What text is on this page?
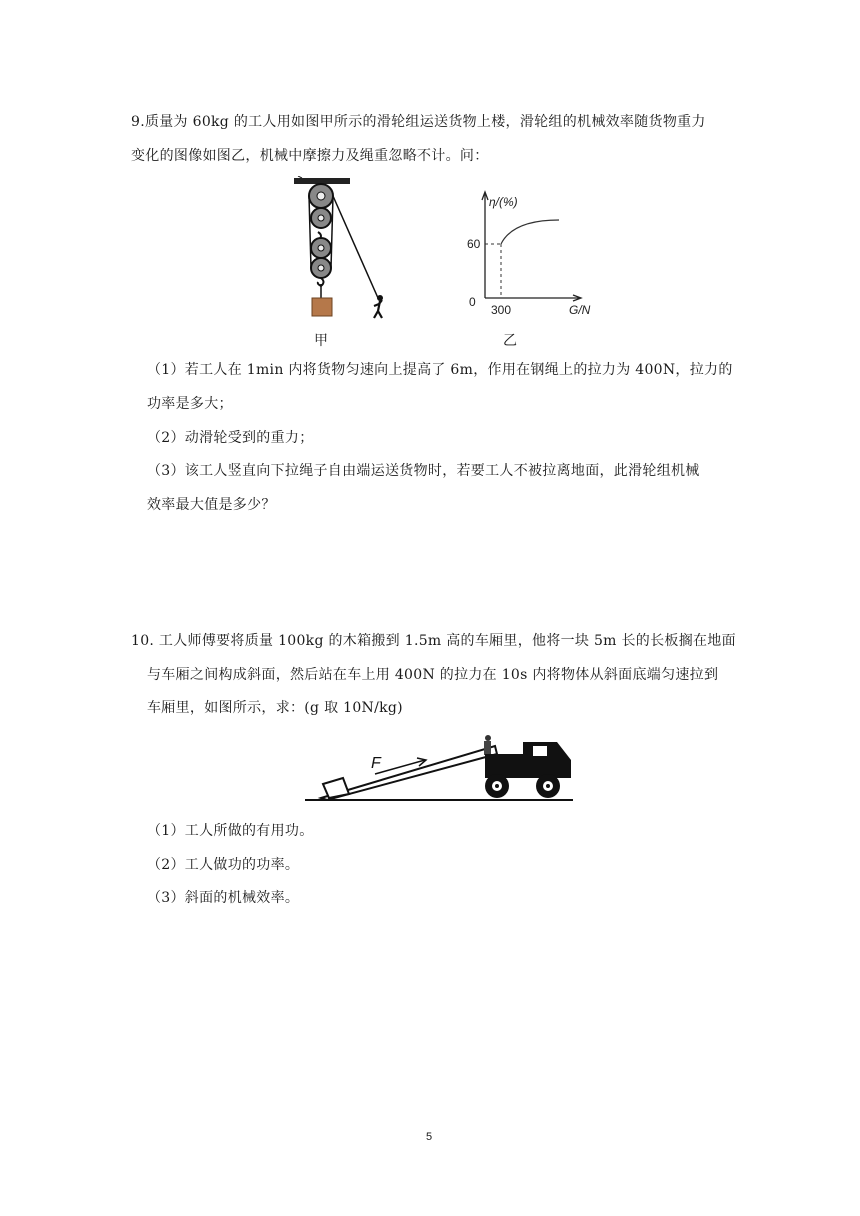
9.质量为 60kg 的工人用如图甲所示的滑轮组运送货物上楼，滑轮组的机械效率随货物重力
变化的图像如图乙，机械中摩擦力及绳重忽略不计。问：
甲
η/(%)
G/N
60
300
0
乙
（1）若工人在 1min 内将货物匀速向上提高了 6m，作用在钢绳上的拉力为 400N，拉力的
功率是多大；
（2）动滑轮受到的重力；
（3）该工人竖直向下拉绳子自由端运送货物时，若要工人不被拉离地面，此滑轮组机械
效率最大值是多少？
10. 工人师傅要将质量 100kg 的木箱搬到 1.5m 高的车厢里，他将一块 5m 长的长板搁在地面
与车厢之间构成斜面，然后站在车上用 400N 的拉力在 10s 内将物体从斜面底端匀速拉到
车厢里，如图所示，求：(g 取 10N/kg)
F
（1）工人所做的有用功。
（2）工人做功的功率。
（3）斜面的机械效率。
5
